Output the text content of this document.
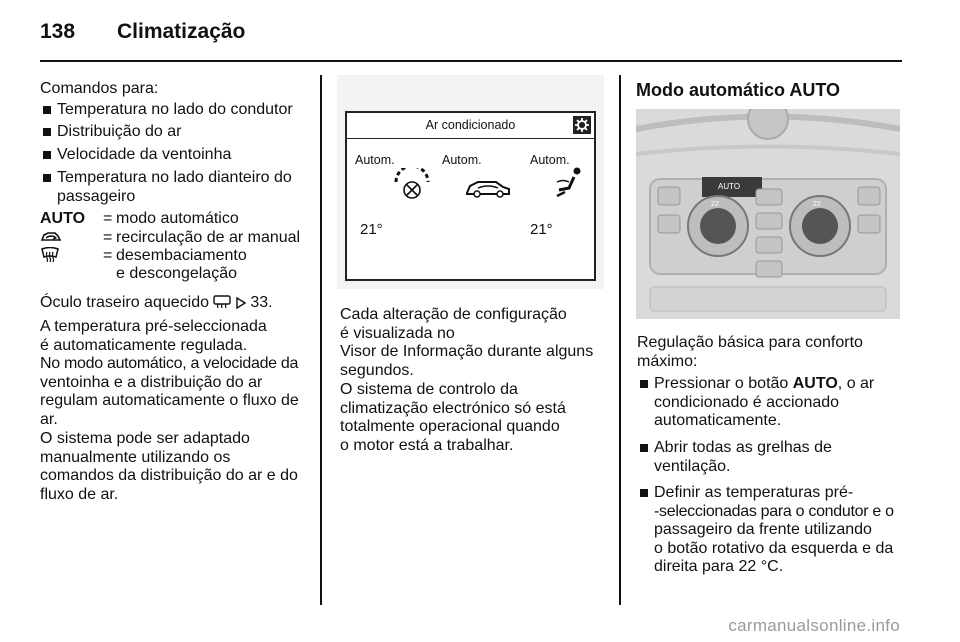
138 Climatização
Comandos para:
Temperatura no lado do condutor
Distribuição do ar
Velocidade da ventoinha
Temperatura no lado dianteiro do passageiro
AUTO = modo automático
= recirculação de ar manual
= desembaciamento
e descongelação
Óculo traseiro aquecido	33.
A temperatura pré-seleccionada
é automaticamente regulada.
No modo automático, a velocidade da
ventoinha e a distribuição do ar
regulam automaticamente o fluxo de
ar.
O sistema pode ser adaptado
manualmente utilizando os
comandos da distribuição do ar e do
fluxo de ar.
Ar condicionado
Autom.	Autom.	Autom.
21°	21°
Cada alteração de configuração
é visualizada no
Visor de Informação durante alguns
segundos.
O sistema de controlo da
climatização electrónico só está
totalmente operacional quando
o motor está a trabalhar.
Modo automático AUTO
AUTO
22	22
Regulação básica para conforto
máximo:
Pressionar o botão AUTO, o ar
condicionado é accionado
automaticamente.
Abrir todas as grelhas de
ventilação.
Definir as temperaturas pré-
-seleccionadas para o condutor e o
passageiro da frente utilizando
o botão rotativo da esquerda e da
direita para 22 °C.
carmanualsonline.info
